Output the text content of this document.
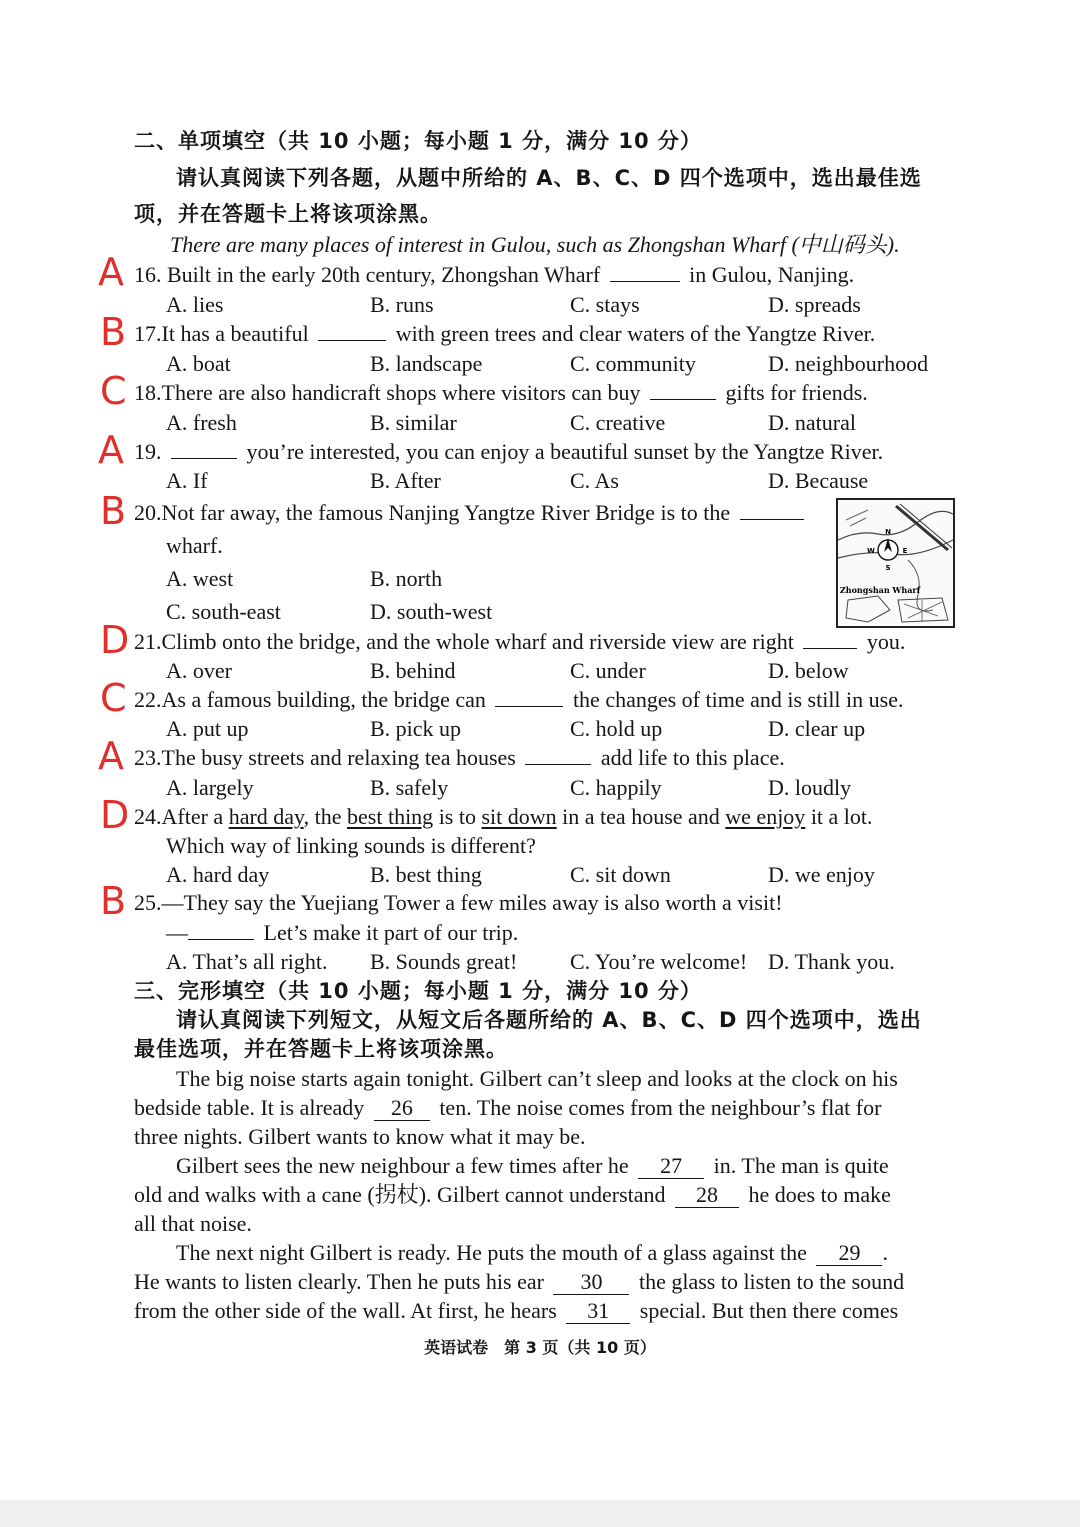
二、单项填空（共 10 小题；每小题 1 分，满分 10 分）
请认真阅读下列各题，从题中所给的 A、B、C、D 四个选项中，选出最佳选
项，并在答题卡上将该项涂黑。
There are many places of interest in Gulou, such as Zhongshan Wharf (中山码头).
A 16. Built in the early 20th century, Zhongshan Wharf	in Gulou, Nanjing.
A. lies	B. runs	C. stays	D. spreads
B 17.It has a beautiful	with green trees and clear waters of the Yangtze River.
A. boat	B. landscape	C. community	D. neighbourhood
C 18.There are also handicraft shops where visitors can buy	gifts for friends.
A. fresh	B. similar	C. creative	D. natural
A 19.	you’re interested, you can enjoy a beautiful sunset by the Yangtze River.
A. If	B. After	C. As	D. Because
B 20.Not far away, the famous Nanjing Yangtze River Bridge is to the
wharf.
A. west	B. north
C. south-east	D. south-west
N
S
W	E
Zhongshan Wharf
D 21.Climb onto the bridge, and the whole wharf and riverside view are right	you.
A. over	B. behind	C. under	D. below
C 22.As a famous building, the bridge can	the changes of time and is still in use.
A. put up	B. pick up	C. hold up	D. clear up
A 23.The busy streets and relaxing tea houses	add life to this place.
A. largely	B. safely	C. happily	D. loudly
D 24.After a hard day, the best thing is to sit down in a tea house and we enjoy it a lot.
Which way of linking sounds is different?
A. hard day	B. best thing	C. sit down	D. we enjoy
B 25.—They say the Yuejiang Tower a few miles away is also worth a visit!
—	Let’s make it part of our trip.
A. That’s all right. B. Sounds great! C. You’re welcome! D. Thank you.
三、完形填空（共 10 小题；每小题 1 分，满分 10 分）
请认真阅读下列短文，从短文后各题所给的 A、B、C、D 四个选项中，选出
最佳选项，并在答题卡上将该项涂黑。
The big noise starts again tonight. Gilbert can’t sleep and looks at the clock on his
bedside table. It is already 26 ten. The noise comes from the neighbour’s flat for
three nights. Gilbert wants to know what it may be.
Gilbert sees the new neighbour a few times after he 27 in. The man is quite
old and walks with a cane (拐杖). Gilbert cannot understand 28 he does to make
all that noise.
The next night Gilbert is ready. He puts the mouth of a glass against the 29 .
He wants to listen clearly. Then he puts his ear 30 the glass to listen to the sound
from the other side of the wall. At first, he hears 31 special. But then there comes
英语试卷　第 3 页（共 10 页）
